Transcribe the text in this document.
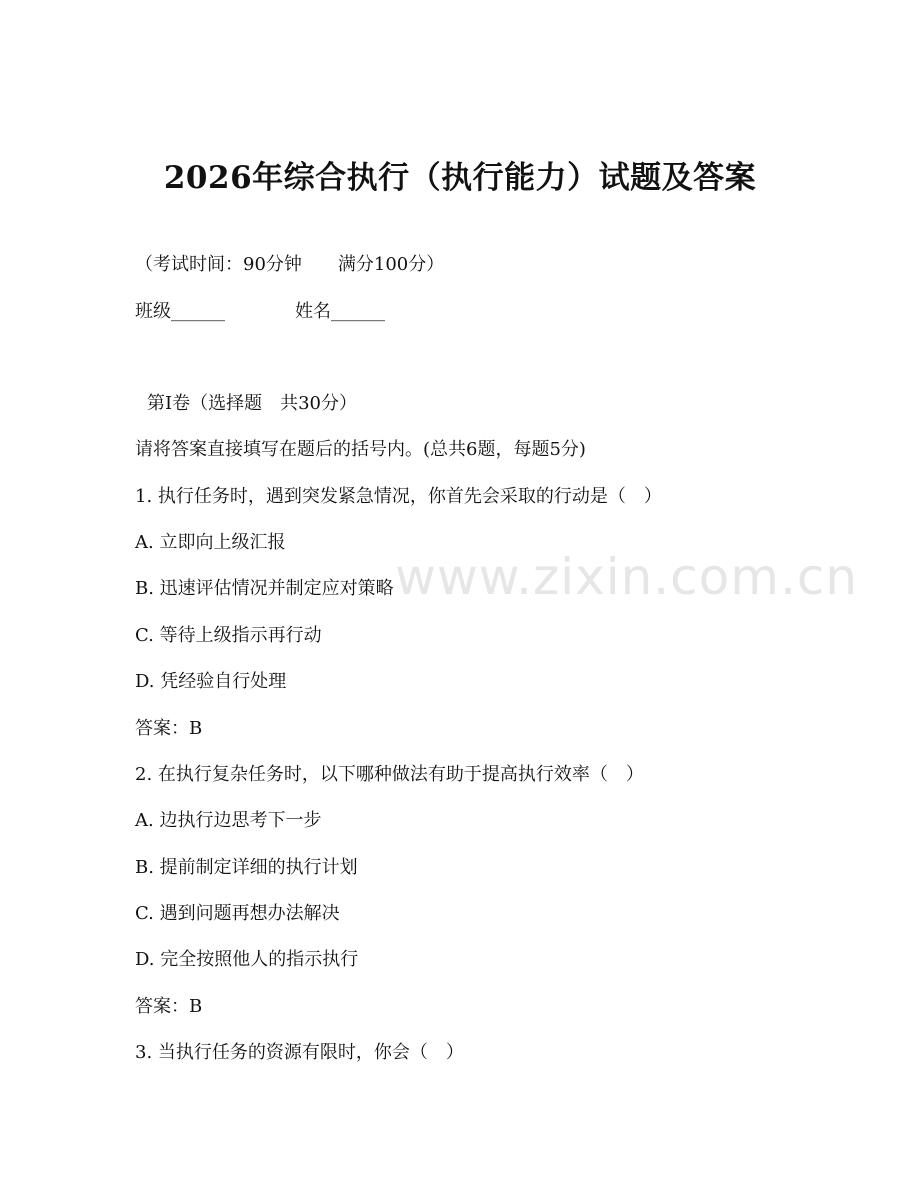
www.zixin.com.cn
2026年综合执行（执行能力）试题及答案
（考试时间：90分钟　　满分100分）
班级______	姓名______
第I卷（选择题　共30分）
请将答案直接填写在题后的括号内。(总共6题，每题5分)
1. 执行任务时，遇到突发紧急情况，你首先会采取的行动是（　）
A. 立即向上级汇报
B. 迅速评估情况并制定应对策略
C. 等待上级指示再行动
D. 凭经验自行处理
答案：B
2. 在执行复杂任务时，以下哪种做法有助于提高执行效率（　）
A. 边执行边思考下一步
B. 提前制定详细的执行计划
C. 遇到问题再想办法解决
D. 完全按照他人的指示执行
答案：B
3. 当执行任务的资源有限时，你会（　）
